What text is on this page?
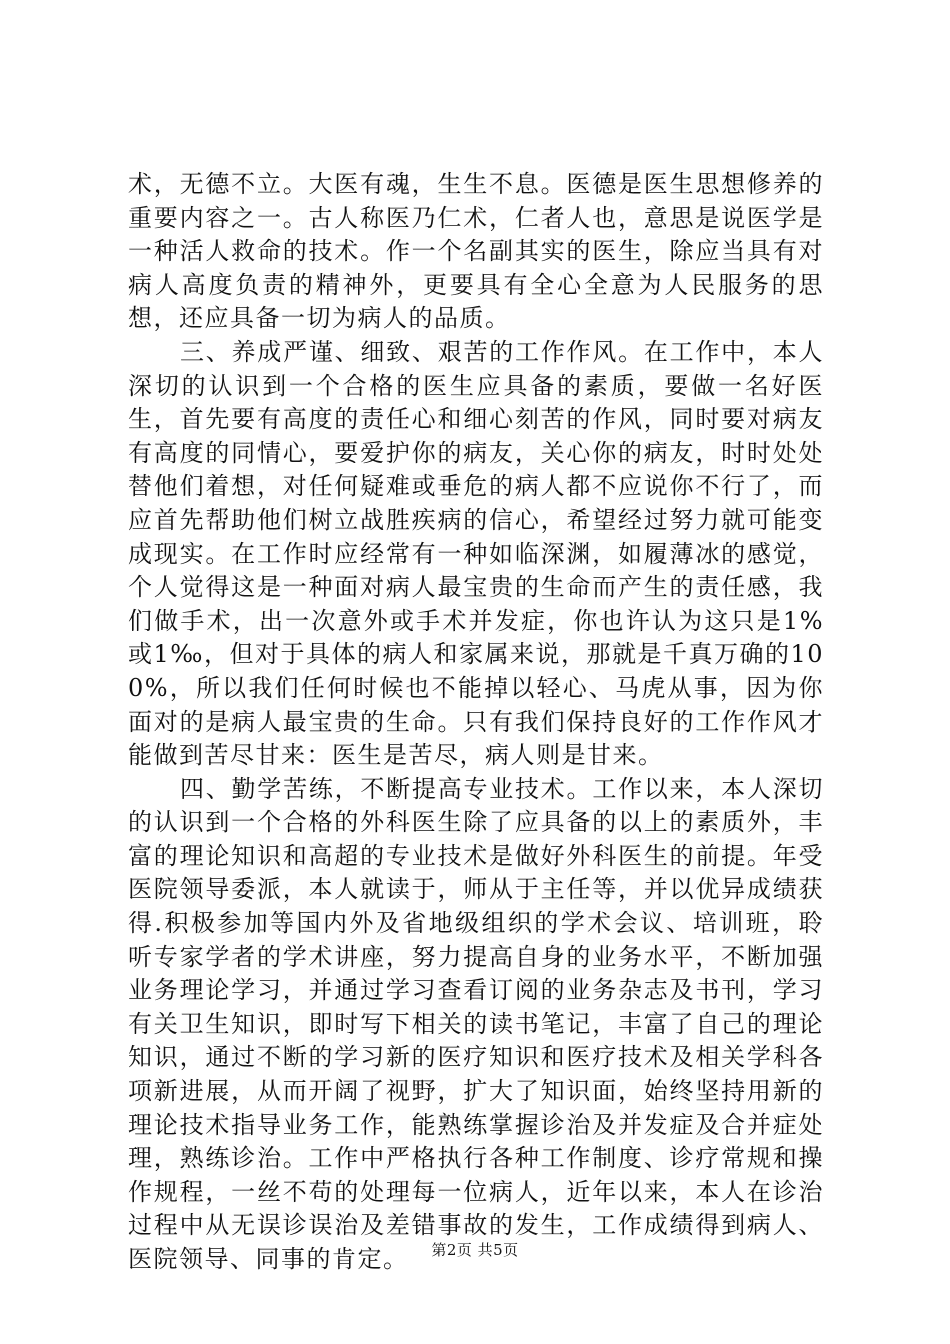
术，无德不立。大医有魂，生生不息。医德是医生思想修养的重要内容之一。古人称医乃仁术，仁者人也，意思是说医学是一种活人救命的技术。作一个名副其实的医生，除应当具有对病人高度负责的精神外，更要具有全心全意为人民服务的思想，还应具备一切为病人的品质。

三、养成严谨、细致、艰苦的工作作风。在工作中，本人深切的认识到一个合格的医生应具备的素质，要做一名好医生，首先要有高度的责任心和细心刻苦的作风，同时要对病友有高度的同情心，要爱护你的病友，关心你的病友，时时处处替他们着想，对任何疑难或垂危的病人都不应说你不行了，而应首先帮助他们树立战胜疾病的信心，希望经过努力就可能变成现实。在工作时应经常有一种如临深渊，如履薄冰的感觉，个人觉得这是一种面对病人最宝贵的生命而产生的责任感，我们做手术，出一次意外或手术并发症，你也许认为这只是1%或1‰，但对于具体的病人和家属来说，那就是千真万确的100%，所以我们任何时候也不能掉以轻心、马虎从事，因为你面对的是病人最宝贵的生命。只有我们保持良好的工作作风才能做到苦尽甘来：医生是苦尽，病人则是甘来。

四、勤学苦练，不断提高专业技术。工作以来，本人深切的认识到一个合格的外科医生除了应具备的以上的素质外，丰富的理论知识和高超的专业技术是做好外科医生的前提。年受医院领导委派，本人就读于，师从于主任等，并以优异成绩获得.积极参加等国内外及省地级组织的学术会议、培训班，聆听专家学者的学术讲座，努力提高自身的业务水平，不断加强业务理论学习，并通过学习查看订阅的业务杂志及书刊，学习有关卫生知识，即时写下相关的读书笔记，丰富了自己的理论知识，通过不断的学习新的医疗知识和医疗技术及相关学科各项新进展，从而开阔了视野，扩大了知识面，始终坚持用新的理论技术指导业务工作，能熟练掌握诊治及并发症及合并症处理，熟练诊治。工作中严格执行各种工作制度、诊疗常规和操作规程，一丝不苟的处理每一位病人，近年以来，本人在诊治过程中从无误诊误治及差错事故的发生，工作成绩得到病人、医院领导、同事的肯定。	第2页 共5页
